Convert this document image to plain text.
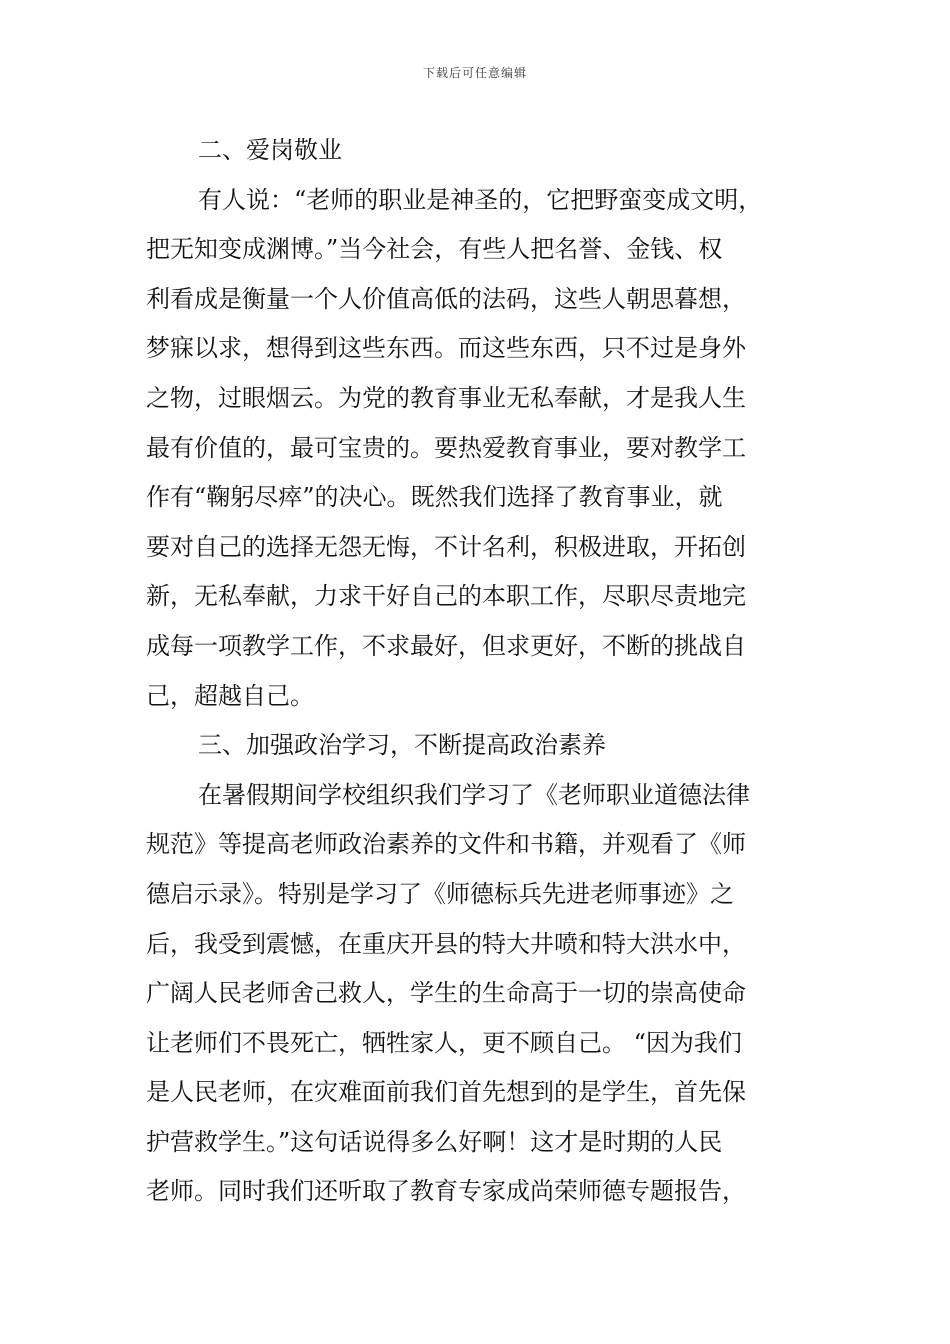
下载后可任意编辑
二、爱岗敬业
有人说：“老师的职业是神圣的，它把野蛮变成文明，
把无知变成渊博。”当今社会，有些人把名誉、金钱、权
利看成是衡量一个人价值高低的法码，这些人朝思暮想，
梦寐以求，想得到这些东西。而这些东西，只不过是身外
之物，过眼烟云。为党的教育事业无私奉献，才是我人生
最有价值的，最可宝贵的。要热爱教育事业，要对教学工
作有“鞠躬尽瘁”的决心。既然我们选择了教育事业，就
要对自己的选择无怨无悔，不计名利，积极进取，开拓创
新，无私奉献，力求干好自己的本职工作，尽职尽责地完
成每一项教学工作，不求最好，但求更好，不断的挑战自
己，超越自己。
三、加强政治学习，不断提高政治素养
在暑假期间学校组织我们学习了《老师职业道德法律
规范》等提高老师政治素养的文件和书籍，并观看了《师
德启示录》。特别是学习了《师德标兵先进老师事迹》之
后，我受到震憾，在重庆开县的特大井喷和特大洪水中，
广阔人民老师舍己救人，学生的生命高于一切的崇高使命
让老师们不畏死亡，牺牲家人，更不顾自己。 “因为我们
是人民老师，在灾难面前我们首先想到的是学生，首先保
护营救学生。”这句话说得多么好啊！这才是时期的人民
老师。同时我们还听取了教育专家成尚荣师德专题报告，
